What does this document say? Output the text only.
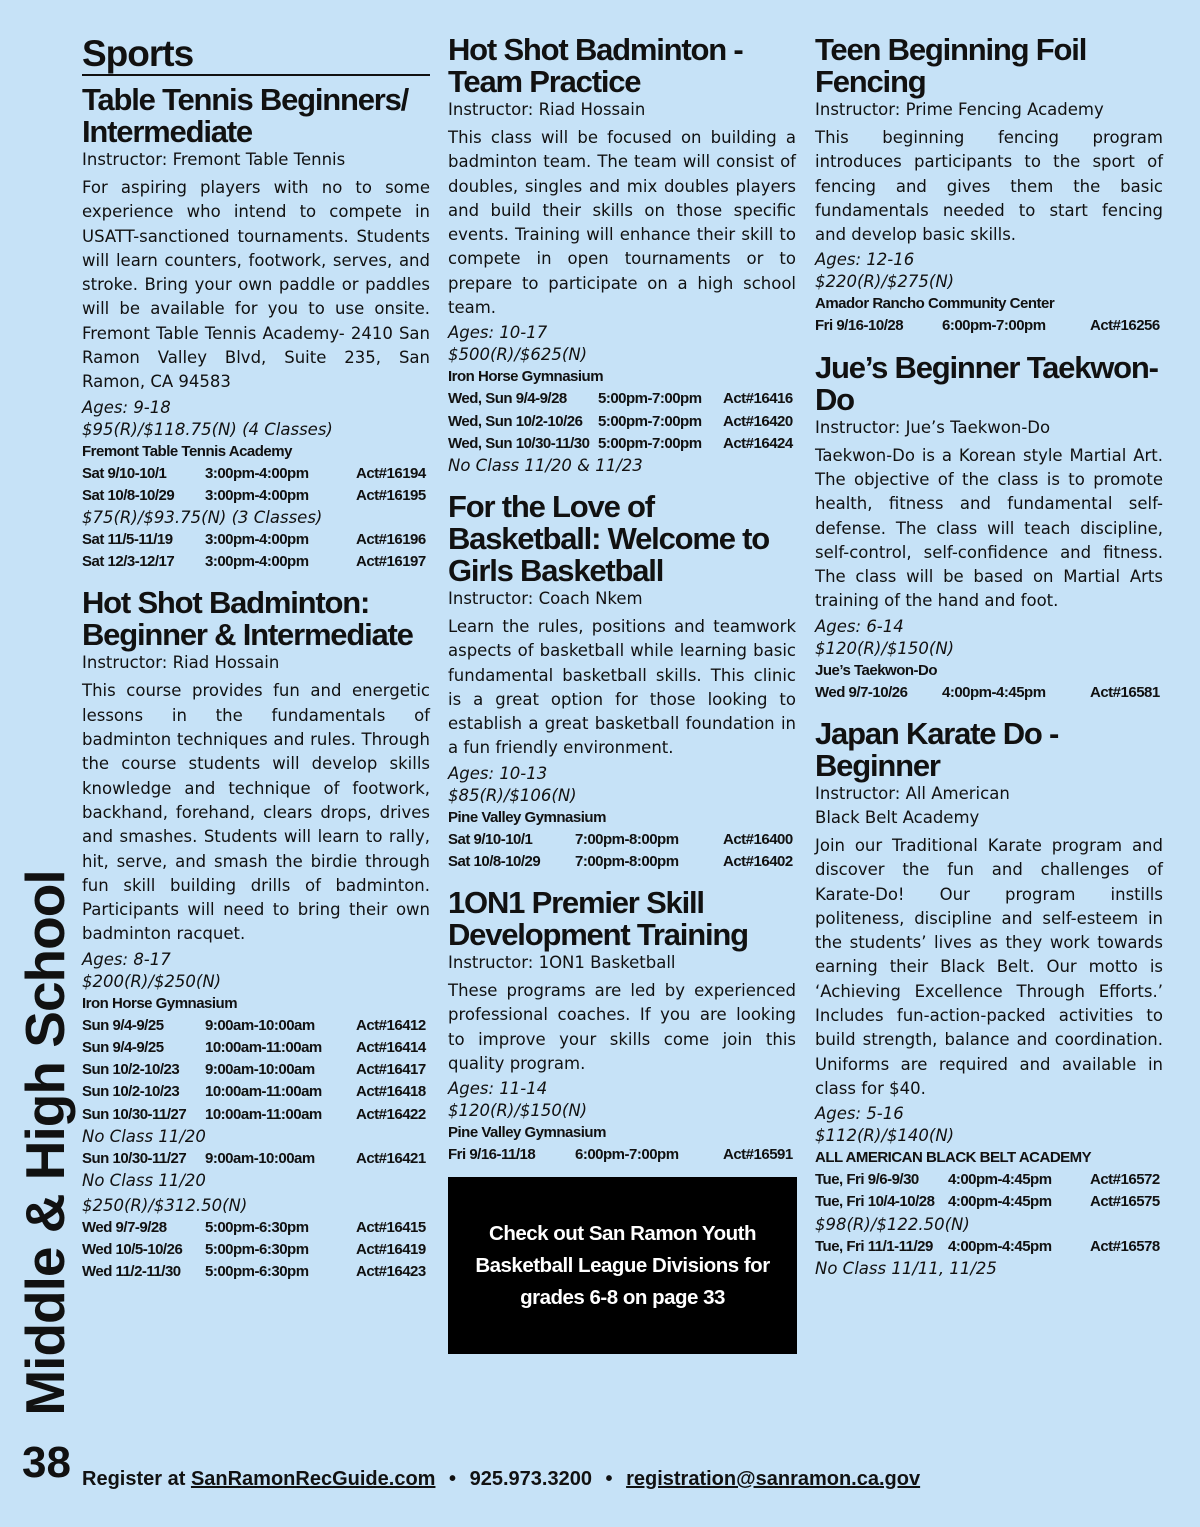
Sports
Table Tennis Beginners/ Intermediate
Instructor: Fremont Table Tennis
For aspiring players with no to some experience who intend to compete in USATT-sanctioned tournaments. Students will learn counters, footwork, serves, and stroke. Bring your own paddle or paddles will be available for you to use onsite. Fremont Table Tennis Academy- 2410 San Ramon Valley Blvd, Suite 235, San Ramon, CA 94583
Ages: 9-18
$95(R)/$118.75(N) (4 Classes)
Fremont Table Tennis Academy
Sat 9/10-10/1	3:00pm-4:00pm	Act#16194
Sat 10/8-10/29	3:00pm-4:00pm	Act#16195
$75(R)/$93.75(N) (3 Classes)
Sat 11/5-11/19	3:00pm-4:00pm	Act#16196
Sat 12/3-12/17	3:00pm-4:00pm	Act#16197
Hot Shot Badminton: Beginner & Intermediate
Instructor: Riad Hossain
This course provides fun and energetic lessons in the fundamentals of badminton techniques and rules. Through the course students will develop skills knowledge and technique of footwork, backhand, forehand, clears drops, drives and smashes. Students will learn to rally, hit, serve, and smash the birdie through fun skill building drills of badminton. Participants will need to bring their own badminton racquet.
Ages: 8-17
$200(R)/$250(N)
Iron Horse Gymnasium
Sun 9/4-9/25	9:00am-10:00am	Act#16412
Sun 9/4-9/25	10:00am-11:00am	Act#16414
Sun 10/2-10/23	9:00am-10:00am	Act#16417
Sun 10/2-10/23	10:00am-11:00am	Act#16418
Sun 10/30-11/27	10:00am-11:00am	Act#16422
No Class 11/20
Sun 10/30-11/27	9:00am-10:00am	Act#16421
No Class 11/20
$250(R)/$312.50(N)
Wed 9/7-9/28	5:00pm-6:30pm	Act#16415
Wed 10/5-10/26	5:00pm-6:30pm	Act#16419
Wed 11/2-11/30	5:00pm-6:30pm	Act#16423
Hot Shot Badminton - Team Practice
Instructor: Riad Hossain
This class will be focused on building a badminton team. The team will consist of doubles, singles and mix doubles players and build their skills on those specific events. Training will enhance their skill to compete in open tournaments or to prepare to participate on a high school team.
Ages: 10-17
$500(R)/$625(N)
Iron Horse Gymnasium
Wed, Sun 9/4-9/28	5:00pm-7:00pm	Act#16416
Wed, Sun 10/2-10/26	5:00pm-7:00pm	Act#16420
Wed, Sun 10/30-11/30 5:00pm-7:00pm	Act#16424
No Class 11/20 & 11/23
For the Love of Basketball: Welcome to Girls Basketball
Instructor: Coach Nkem
Learn the rules, positions and teamwork aspects of basketball while learning basic fundamental basketball skills. This clinic is a great option for those looking to establish a great basketball foundation in a fun friendly environment.
Ages: 10-13
$85(R)/$106(N)
Pine Valley Gymnasium
Sat 9/10-10/1	7:00pm-8:00pm	Act#16400
Sat 10/8-10/29	7:00pm-8:00pm	Act#16402
1ON1 Premier Skill Development Training
Instructor: 1ON1 Basketball
These programs are led by experienced professional coaches. If you are looking to improve your skills come join this quality program.
Ages: 11-14
$120(R)/$150(N)
Pine Valley Gymnasium
Fri 9/16-11/18	6:00pm-7:00pm	Act#16591
Check out San Ramon Youth Basketball League Divisions for grades 6-8 on page 33
Teen Beginning Foil Fencing
Instructor: Prime Fencing Academy
This beginning fencing program introduces participants to the sport of fencing and gives them the basic fundamentals needed to start fencing and develop basic skills.
Ages: 12-16
$220(R)/$275(N)
Amador Rancho Community Center
Fri 9/16-10/28	6:00pm-7:00pm	Act#16256
Jue’s Beginner Taekwon-Do
Instructor: Jue’s Taekwon-Do
Taekwon-Do is a Korean style Martial Art. The objective of the class is to promote health, fitness and fundamental self-defense. The class will teach discipline, self-control, self-confidence and fitness. The class will be based on Martial Arts training of the hand and foot.
Ages: 6-14
$120(R)/$150(N)
Jue’s Taekwon-Do
Wed 9/7-10/26	4:00pm-4:45pm	Act#16581
Japan Karate Do - Beginner
Instructor: All American Black Belt Academy
Join our Traditional Karate program and discover the fun and challenges of Karate-Do! Our program instills politeness, discipline and self-esteem in the students’ lives as they work towards earning their Black Belt. Our motto is ‘Achieving Excellence Through Efforts.’ Includes fun-action-packed activities to build strength, balance and coordination. Uniforms are required and available in class for $40.
Ages: 5-16
$112(R)/$140(N)
ALL AMERICAN BLACK BELT ACADEMY
Tue, Fri 9/6-9/30	4:00pm-4:45pm	Act#16572
Tue, Fri 10/4-10/28 4:00pm-4:45pm	Act#16575
$98(R)/$122.50(N)
Tue, Fri 11/1-11/29	4:00pm-4:45pm	Act#16578
No Class 11/11, 11/25
Middle & High School
38 Register at SanRamonRecGuide.com • 925.973.3200 • registration@sanramon.ca.gov
